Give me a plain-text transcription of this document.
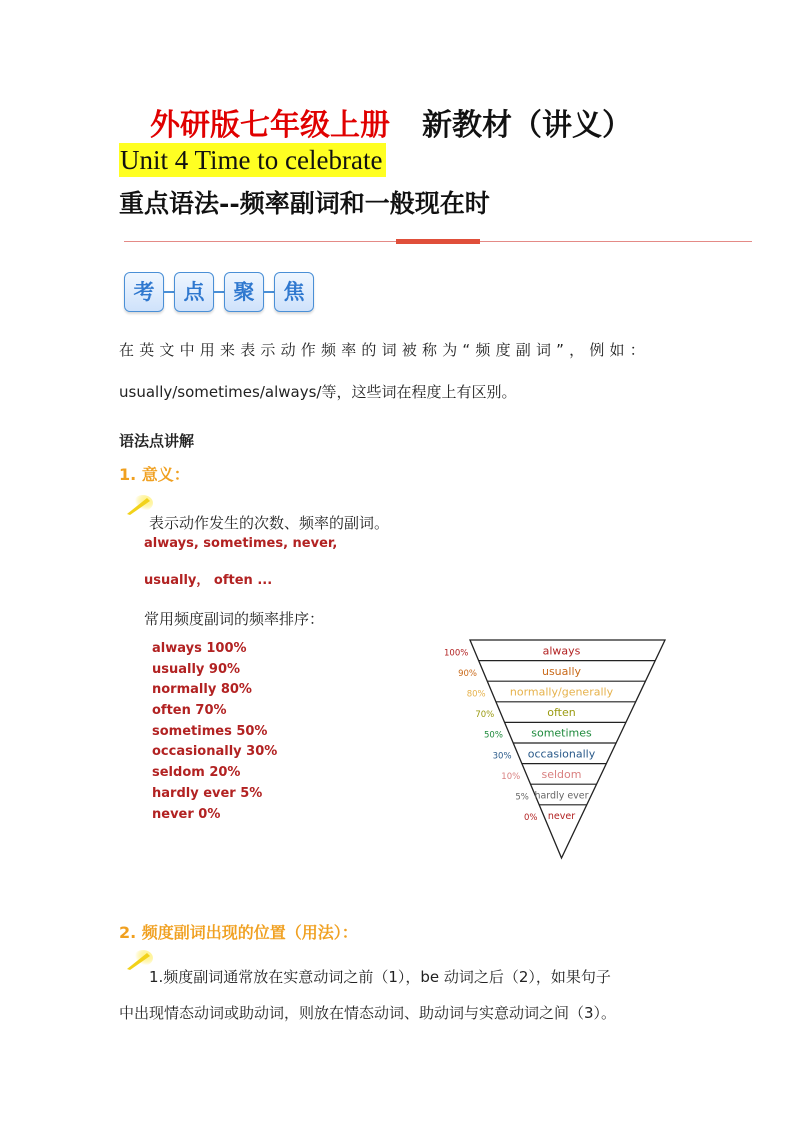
外研版七年级上册 新教材（讲义）
Unit 4 Time to celebrate
重点语法--频率副词和一般现在时
考	点	聚	焦
在英文中用来表示动作频率的词被称为“频度副词”，例如：
usually/sometimes/always/等，这些词在程度上有区别。
语法点讲解
1. 意义：
表示动作发生的次数、频率的副词。
always, sometimes, never,
usually， often ...
常用频度副词的频率排序：
always 100%
usually 90%
normally 80%
often 70%
sometimes 50%
occasionally 30%
seldom 20%
hardly ever 5%
never 0%
always
100%
usually
90%
normally/generally
80%
often
70%
sometimes
50%
occasionally
30%
seldom
10%
hardly ever
5%
never
0%
2. 频度副词出现的位置（用法）：
1.频度副词通常放在实意动词之前（1），be 动词之后（2），如果句子
中出现情态动词或助动词，则放在情态动词、助动词与实意动词之间（3）。
